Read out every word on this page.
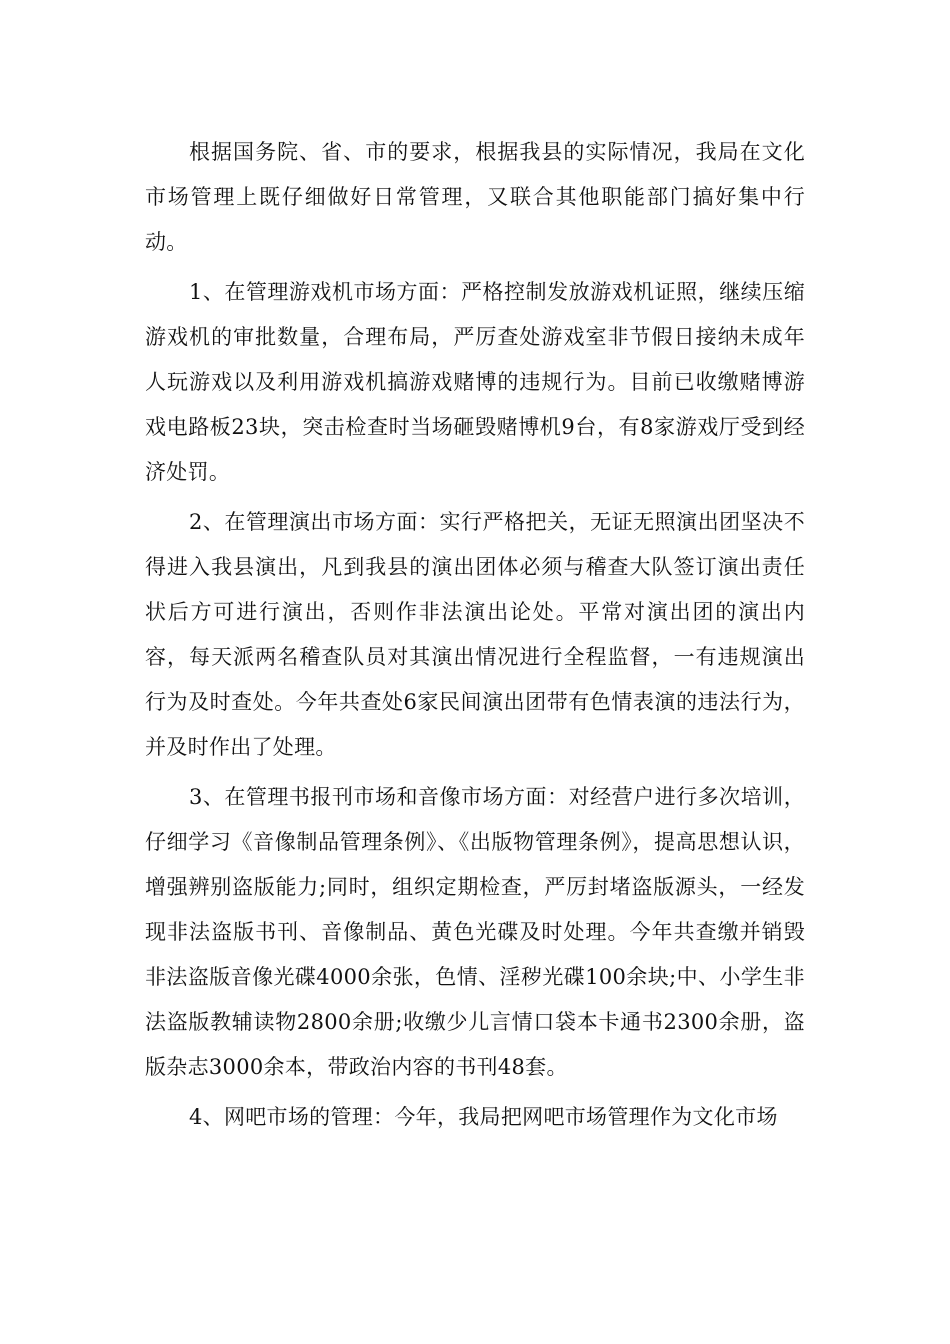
根据国务院、省、市的要求，根据我县的实际情况，我局在文化市场管理上既仔细做好日常管理，又联合其他职能部门搞好集中行动。

1、在管理游戏机市场方面：严格控制发放游戏机证照，继续压缩游戏机的审批数量，合理布局，严厉查处游戏室非节假日接纳未成年人玩游戏以及利用游戏机搞游戏赌博的违规行为。目前已收缴赌博游戏电路板23块，突击检查时当场砸毁赌博机9台，有8家游戏厅受到经济处罚。

2、在管理演出市场方面：实行严格把关，无证无照演出团坚决不得进入我县演出，凡到我县的演出团体必须与稽查大队签订演出责任状后方可进行演出，否则作非法演出论处。平常对演出团的演出内容，每天派两名稽查队员对其演出情况进行全程监督，一有违规演出行为及时查处。今年共查处6家民间演出团带有色情表演的违法行为，并及时作出了处理。

3、在管理书报刊市场和音像市场方面：对经营户进行多次培训，仔细学习《音像制品管理条例》、《出版物管理条例》，提高思想认识，增强辨别盗版能力;同时，组织定期检查，严厉封堵盗版源头，一经发现非法盗版书刊、音像制品、黄色光碟及时处理。今年共查缴并销毁非法盗版音像光碟4000余张，色情、淫秽光碟100余块;中、小学生非法盗版教辅读物2800余册;收缴少儿言情口袋本卡通书2300余册，盗版杂志3000余本，带政治内容的书刊48套。

4、网吧市场的管理：今年，我局把网吧市场管理作为文化市场
